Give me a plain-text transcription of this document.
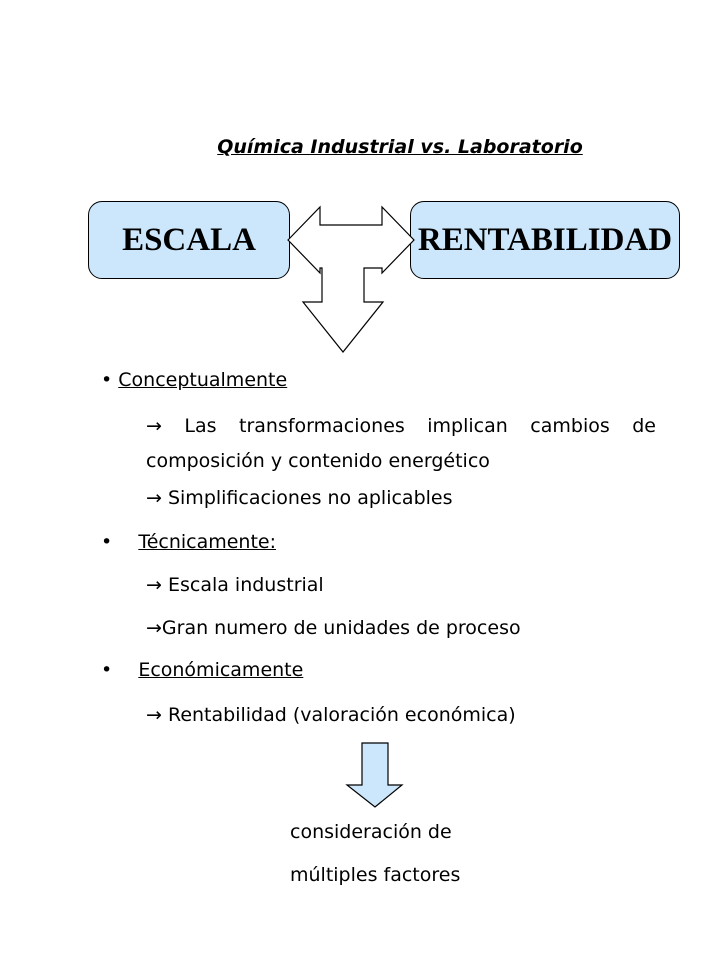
Química Industrial vs. Laboratorio
ESCALA	RENTABILIDAD
• Conceptualmente
→ Las transformaciones implican cambios de composición y contenido energético
→ Simplificaciones no aplicables
• Técnicamente:
→ Escala industrial
→Gran numero de unidades de proceso
• Económicamente
→ Rentabilidad (valoración económica)
consideración de
múltiples factores
